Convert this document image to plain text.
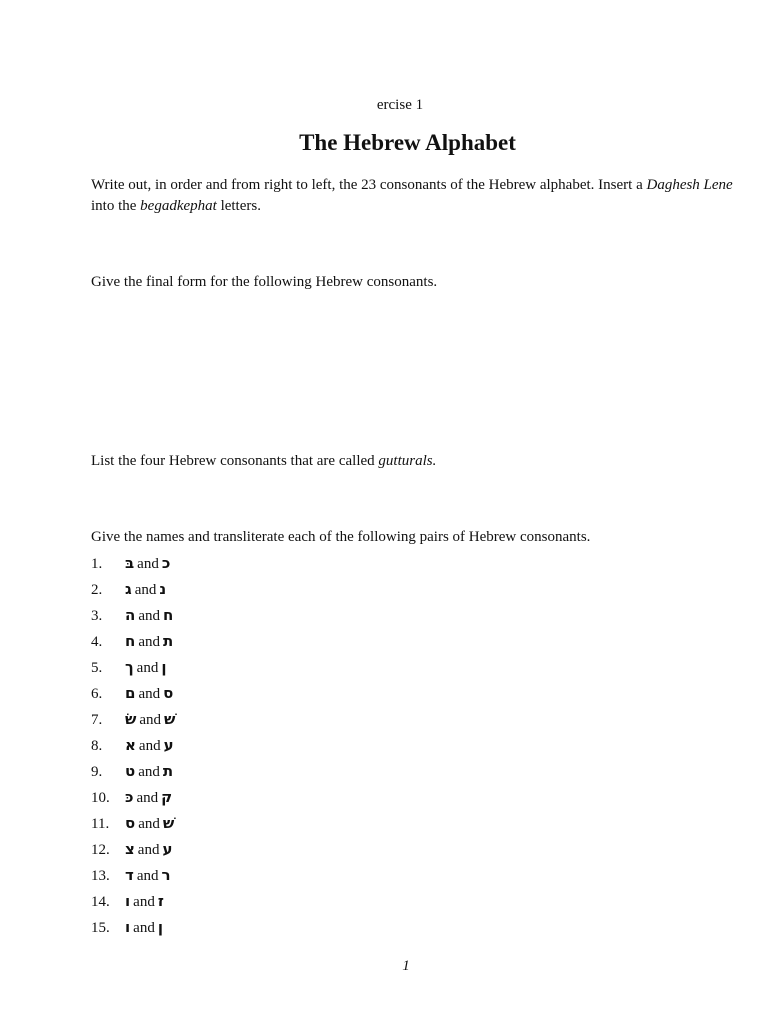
ercise 1
The Hebrew Alphabet
Write out, in order and from right to left, the 23 consonants of the Hebrew alphabet. Insert a Daghesh Lene into the begadkephat letters.
Give the final form for the following Hebrew consonants.
List the four Hebrew consonants that are called gutturals.
Give the names and transliterate each of the following pairs of Hebrew consonants.
1.	בּ and כ
2.	ג and נ
3.	ה and ח
4.	ח and ת
5.	ך and ן
6.	ם and ס
7.	שׂ and שׁ
8.	א and ע
9.	ט and ת
10.	כּ and ק
11.	ס and שׁ
12.	צ and ע
13.	ד and ר
14.	ו and ז
15.	ו and ן
1
